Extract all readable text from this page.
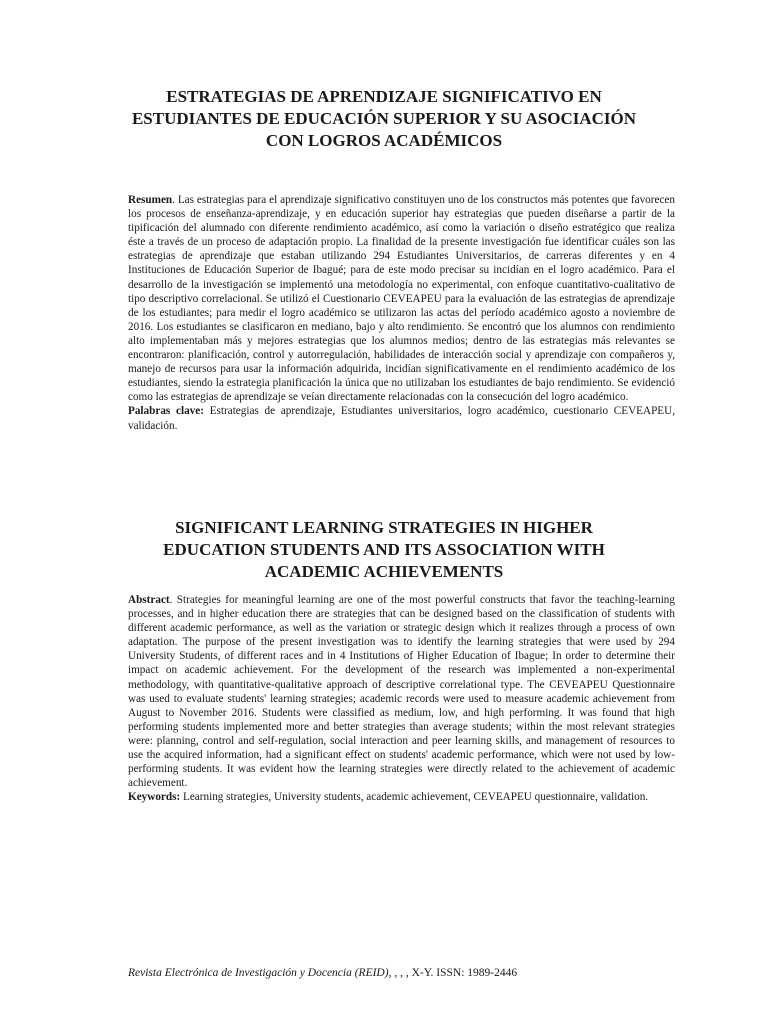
ESTRATEGIAS DE APRENDIZAJE SIGNIFICATIVO EN
ESTUDIANTES DE EDUCACIÓN SUPERIOR Y SU ASOCIACIÓN
CON LOGROS ACADÉMICOS

Resumen. Las estrategias para el aprendizaje significativo constituyen uno de los constructos más potentes que favorecen los procesos de enseñanza-aprendizaje, y en educación superior hay estrategias que pueden diseñarse a partir de la tipificación del alumnado con diferente rendimiento académico, así como la variación o diseño estratégico que realiza éste a través de un proceso de adaptación propio. La finalidad de la presente investigación fue identificar cuáles son las estrategias de aprendizaje que estaban utilizando 294 Estudiantes Universitarios, de carreras diferentes y en 4 Instituciones de Educación Superior de Ibagué; para de este modo precisar su incidían en el logro académico. Para el desarrollo de la investigación se implementó una metodología no experimental, con enfoque cuantitativo-cualitativo de tipo descriptivo correlacional. Se utilizó el Cuestionario CEVEAPEU para la evaluación de las estrategias de aprendizaje de los estudiantes; para medir el logro académico se utilizaron las actas del período académico agosto a noviembre de 2016. Los estudiantes se clasificaron en mediano, bajo y alto rendimiento. Se encontró que los alumnos con rendimiento alto implementaban más y mejores estrategias que los alumnos medios; dentro de las estrategias más relevantes se encontraron: planificación, control y autorregulación, habilidades de interacción social y aprendizaje con compañeros y, manejo de recursos para usar la información adquirida, incidían significativamente en el rendimiento académico de los estudiantes, siendo la estrategia planificación la única que no utilizaban los estudiantes de bajo rendimiento. Se evidenció como las estrategias de aprendizaje se veían directamente relacionadas con la consecución del logro académico.

Palabras clave: Estrategias de aprendizaje, Estudiantes universitarios, logro académico, cuestionario CEVEAPEU, validación.

SIGNIFICANT LEARNING STRATEGIES IN HIGHER
EDUCATION STUDENTS AND ITS ASSOCIATION WITH
ACADEMIC ACHIEVEMENTS

Abstract. Strategies for meaningful learning are one of the most powerful constructs that favor the teaching-learning processes, and in higher education there are strategies that can be designed based on the classification of students with different academic performance, as well as the variation or strategic design which it realizes through a process of own adaptation. The purpose of the present investigation was to identify the learning strategies that were used by 294 University Students, of different races and in 4 Institutions of Higher Education of Ibague; In order to determine their impact on academic achievement. For the development of the research was implemented a non-experimental methodology, with quantitative-qualitative approach of descriptive correlational type. The CEVEAPEU Questionnaire was used to evaluate students' learning strategies; academic records were used to measure academic achievement from August to November 2016. Students were classified as medium, low, and high performing. It was found that high performing students implemented more and better strategies than average students; within the most relevant strategies were: planning, control and self-regulation, social interaction and peer learning skills, and management of resources to use the acquired information, had a significant effect on students' academic performance, which were not used by low-performing students. It was evident how the learning strategies were directly related to the achievement of academic achievement.

Keywords: Learning strategies, University students, academic achievement, CEVEAPEU questionnaire, validation.

Revista Electrónica de Investigación y Docencia (REID), , , , X-Y. ISSN: 1989-2446
